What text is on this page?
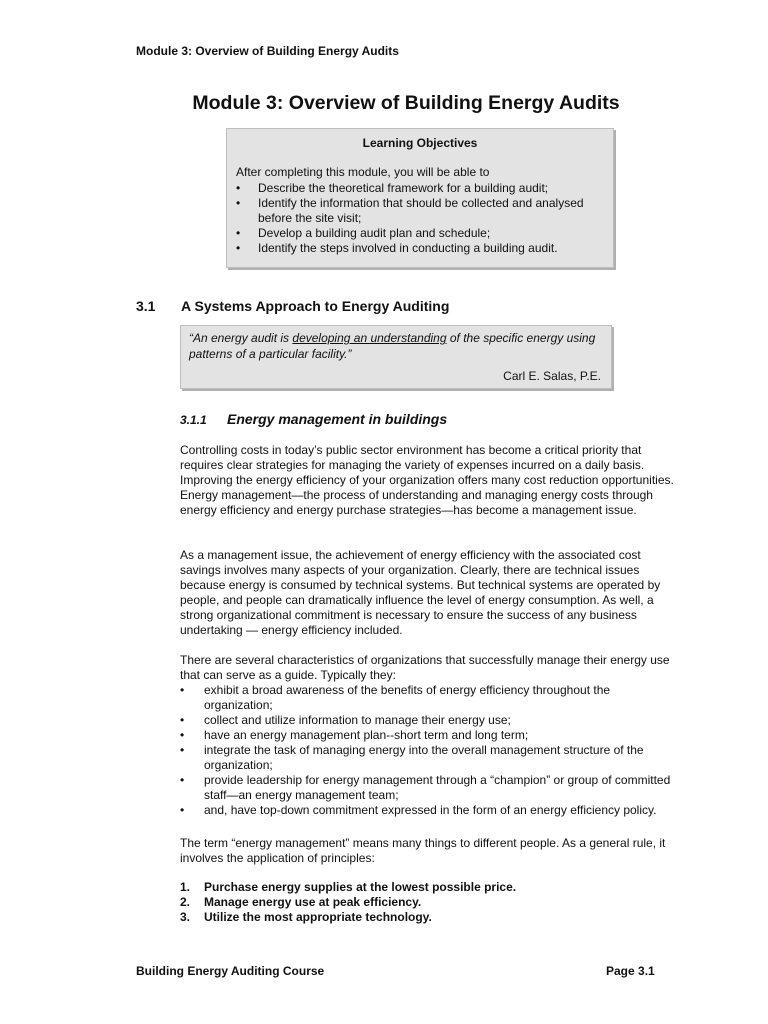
Module 3: Overview of Building Energy Audits
Module 3: Overview of Building Energy Audits
Learning Objectives
After completing this module, you will be able to
• Describe the theoretical framework for a building audit;
• Identify the information that should be collected and analysed before the site visit;
• Develop a building audit plan and schedule;
• Identify the steps involved in conducting a building audit.
3.1 A Systems Approach to Energy Auditing
“An energy audit is developing an understanding of the specific energy using patterns of a particular facility.”
Carl E. Salas, P.E.
3.1.1 Energy management in buildings

Controlling costs in today’s public sector environment has become a critical priority that requires clear strategies for managing the variety of expenses incurred on a daily basis. Improving the energy efficiency of your organization offers many cost reduction opportunities. Energy management—the process of understanding and managing energy costs through energy efficiency and energy purchase strategies—has become a management issue.

As a management issue, the achievement of energy efficiency with the associated cost savings involves many aspects of your organization. Clearly, there are technical issues because energy is consumed by technical systems. But technical systems are operated by people, and people can dramatically influence the level of energy consumption. As well, a strong organizational commitment is necessary to ensure the success of any business undertaking — energy efficiency included.

There are several characteristics of organizations that successfully manage their energy use that can serve as a guide. Typically they:

• exhibit a broad awareness of the benefits of energy efficiency throughout the organization;
• collect and utilize information to manage their energy use;
• have an energy management plan--short term and long term;
• integrate the task of managing energy into the overall management structure of the organization;
• provide leadership for energy management through a “champion” or group of committed staff—an energy management team;
• and, have top-down commitment expressed in the form of an energy efficiency policy.

The term “energy management” means many things to different people. As a general rule, it involves the application of principles:

1. Purchase energy supplies at the lowest possible price.
2. Manage energy use at peak efficiency.
3. Utilize the most appropriate technology.
Building Energy Auditing Course	Page 3.1
